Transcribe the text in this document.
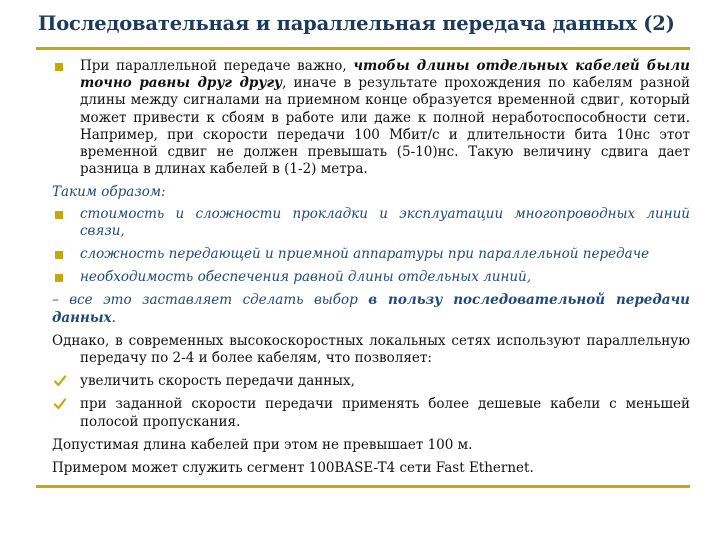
Последовательная и параллельная передача данных (2)
При параллельной передаче важно, чтобы длины отдельных кабелей были точно равны друг другу, иначе в результате прохождения по кабелям разной длины между сигналами на приемном конце образуется временной сдвиг, который может привести к сбоям в работе или даже к полной неработоспособности сети. Например, при скорости передачи 100 Мбит/с и длительности бита 10нс этот временной сдвиг не должен превышать (5-10)нс. Такую величину сдвига дает разница в длинах кабелей в (1-2) метра.
Таким образом:
стоимость и сложности прокладки и эксплуатации многопроводных линий связи,
сложность передающей и приемной аппаратуры при параллельной передаче
необходимость обеспечения равной длины отдельных линий,
– все это заставляет сделать выбор в пользу последовательной передачи данных.
Однако, в современных высокоскоростных локальных сетях используют параллельную передачу по 2-4 и более кабелям, что позволяет:
увеличить скорость передачи данных,
при заданной скорости передачи применять более дешевые кабели с меньшей полосой пропускания.
Допустимая длина кабелей при этом не превышает 100 м.
Примером может служить сегмент 100BASE-T4 сети Fast Ethernet.
